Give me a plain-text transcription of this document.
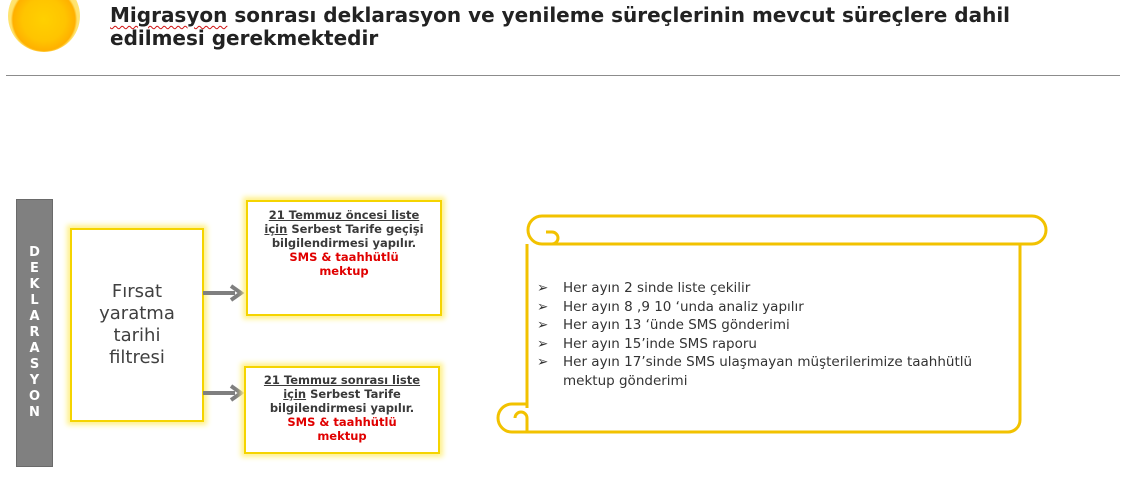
Migrasyon sonrası deklarasyon ve yenileme süreçlerinin mevcut süreçlere dahil edilmesi gerekmektedir
D
E
K
L
A
R
A
S
Y
O
N
Fırsat
yaratma
tarihi
filtresi
21 Temmuz öncesi liste
için Serbest Tarife geçişi bilgilendirmesi yapılır.
SMS & taahhütlü
mektup
21 Temmuz sonrası liste
için Serbest Tarife bilgilendirmesi yapılır.
SMS & taahhütlü
mektup
➢ Her ayın 2 sinde liste çekilir
➢ Her ayın 8 ,9 10 ‘unda analiz yapılır
➢ Her ayın 13 ‘ünde SMS gönderimi
➢ Her ayın 15’inde SMS raporu
➢ Her ayın 17’sinde SMS ulaşmayan müşterilerimize taahhütlü mektup gönderimi
